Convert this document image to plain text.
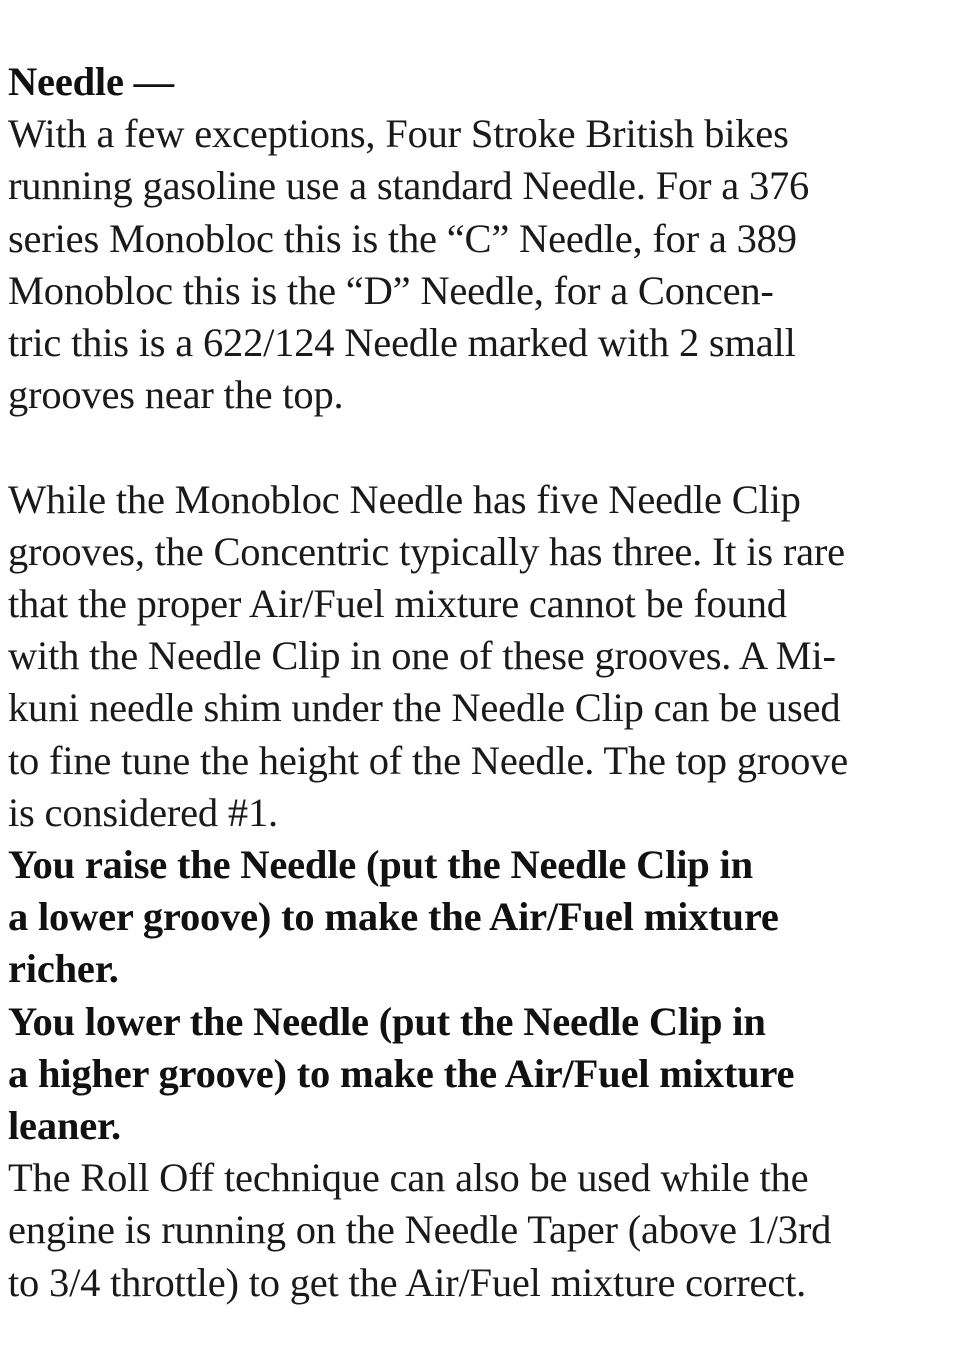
Needle —
With a few exceptions, Four Stroke British bikes
running gasoline use a standard Needle. For a 376
series Monobloc this is the “C” Needle, for a 389
Monobloc this is the “D” Needle, for a Concen-
tric this is a 622/124 Needle marked with 2 small
grooves near the top.
While the Monobloc Needle has five Needle Clip
grooves, the Concentric typically has three. It is rare
that the proper Air/Fuel mixture cannot be found
with the Needle Clip in one of these grooves. A Mi-
kuni needle shim under the Needle Clip can be used
to fine tune the height of the Needle. The top groove
is considered #1.
You raise the Needle (put the Needle Clip in
a lower groove) to make the Air/Fuel mixture
richer.
You lower the Needle (put the Needle Clip in
a higher groove) to make the Air/Fuel mixture
leaner.
The Roll Off technique can also be used while the
engine is running on the Needle Taper (above 1/3rd
to 3/4 throttle) to get the Air/Fuel mixture correct.
